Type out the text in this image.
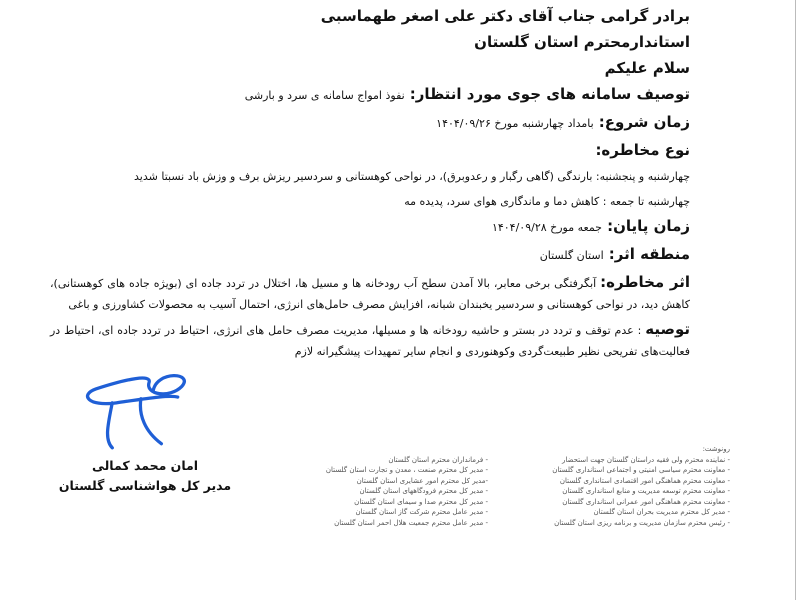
برادر گرامی جناب آقای دکتر علی اصغر طهماسبی
استاندارمحترم استان گلستان
سلام علیکم
توصیف سامانه های جوی مورد انتظار: نفوذ امواج سامانه ی سرد و بارشی
زمان شروع: بامداد چهارشنبه مورخ ۱۴۰۴/۰۹/۲۶
نوع مخاطره:
چهارشنبه و پنجشنبه: بارندگی (گاهی رگبار و رعدوبرق)، در نواحی کوهستانی و سردسیر ریزش برف و وزش باد نسبتا شدید
چهارشنبه تا جمعه : کاهش دما و ماندگاری هوای سرد، پدیده مه
زمان پایان: جمعه مورخ ۱۴۰۴/۰۹/۲۸
منطقه اثر: استان گلستان
اثر مخاطره: آبگرفتگی برخی معابر، بالا آمدن سطح آب رودخانه ها و مسیل ها، اختلال در تردد جاده ای (بویژه جاده های کوهستانی)، کاهش دید، در نواحی کوهستانی و سردسیر یخبندان شبانه، افزایش مصرف حامل‌های انرژی، احتمال آسیب به محصولات کشاورزی و باغی
توصیه : عدم توقف و تردد در بستر و حاشیه رودخانه ها و مسیلها، مدیریت مصرف حامل های انرژی، احتیاط در تردد جاده ای، احتیاط در فعالیت‌های تفریحی نظیر طبیعت‌گردی وکوهنوردی و انجام سایر تمهیدات پیشگیرانه لازم
امان محمد کمالی
مدیر کل هواشناسی گلستان
رونوشت:
- نماینده محترم ولی فقیه دراستان گلستان جهت استحضار
- معاونت محترم سیاسی امنیتی و اجتماعی استانداری گلستان
- معاونت محترم هماهنگی امور اقتصادی استانداری گلستان
- معاونت محترم توسعه مدیریت و منابع استانداری گلستان
- معاونت محترم هماهنگی امور عمرانی استانداری گلستان
- مدیر کل محترم مدیریت بحران استان گلستان
- رئیس محترم سازمان مدیریت و برنامه ریزی استان گلستان
- فرمانداران محترم استان گلستان
- مدیر کل محترم صنعت ، معدن و تجارت استان گلستان
-مدیر کل محترم امور عشایری استان گلستان
- مدیر کل محترم فرودگاههای استان گلستان
- مدیر کل محترم صدا و سیمای استان گلستان
- مدیر عامل محترم شرکت گاز استان گلستان
- مدیر عامل محترم جمعیت هلال احمر استان گلستان
